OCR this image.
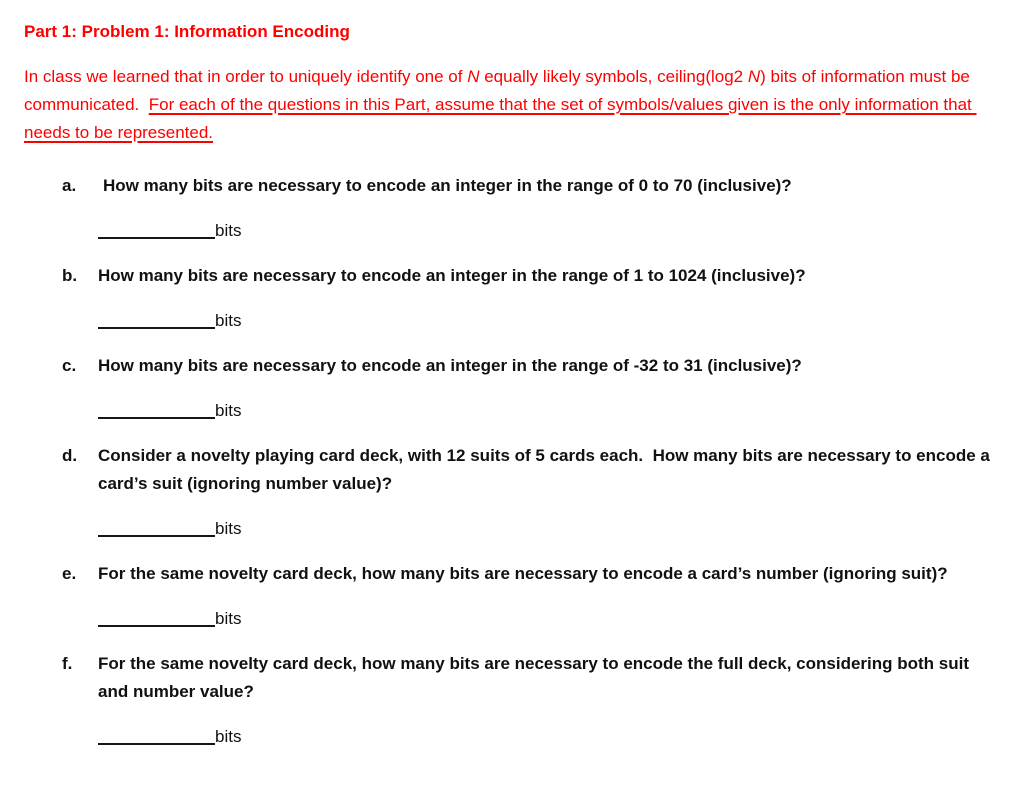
Part 1: Problem 1: Information Encoding

In class we learned that in order to uniquely identify one of N equally likely symbols, ceiling(log2 N) bits of information must be communicated.  For each of the questions in this Part, assume that the set of symbols/values given is the only information that needs to be represented.

a.	How many bits are necessary to encode an integer in the range of 0 to 70 (inclusive)?
bits
b.	How many bits are necessary to encode an integer in the range of 1 to 1024 (inclusive)?
bits
c.	How many bits are necessary to encode an integer in the range of -32 to 31 (inclusive)?
bits
d.	Consider a novelty playing card deck, with 12 suits of 5 cards each.  How many bits are necessary to encode a card’s suit (ignoring number value)?
bits
e.	For the same novelty card deck, how many bits are necessary to encode a card’s number (ignoring suit)?
bits
f.	For the same novelty card deck, how many bits are necessary to encode the full deck, considering both suit and number value?
bits
